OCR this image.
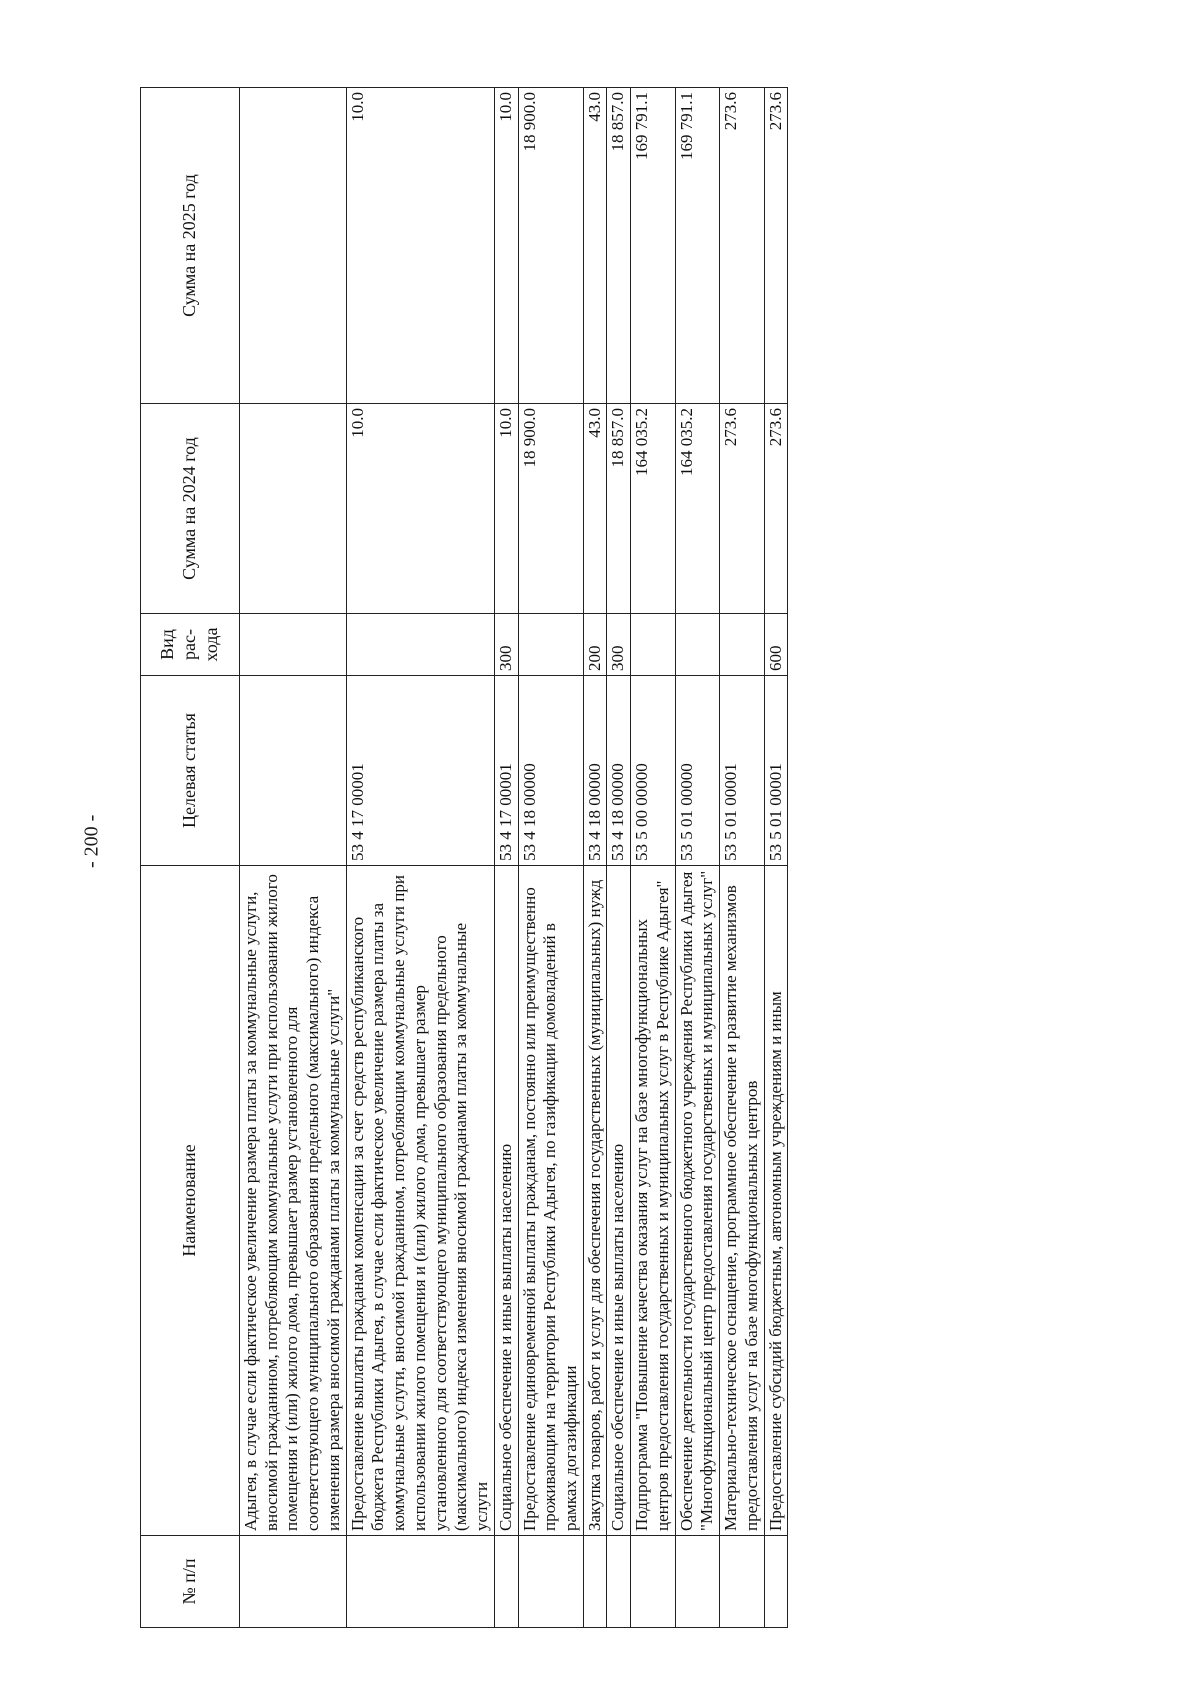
- 200 -
№ п/п	Наименование	Целевая статья	Вид рас-хода	Сумма на 2024 год	Сумма на 2025 год
	Адыгея, в случае если фактическое увеличение размера платы за коммунальные услуги, вносимой гражданином, потребляющим коммунальные услуги при использовании жилого помещения и (или) жилого дома, превышает размер установленного для соответствующего муниципального образования предельного (максимального) индекса изменения размера вносимой гражданами платы за коммунальные услуги"				
	Предоставление выплаты гражданам компенсации за счет средств республиканского бюджета Республики Адыгея, в случае если фактическое увеличение размера платы за коммунальные услуги, вносимой гражданином, потребляющим коммунальные услуги при использовании жилого помещения и (или) жилого дома, превышает размер установленного для соответствующего муниципального образования предельного (максимального) индекса изменения вносимой гражданами платы за коммунальные услуги	53 4 17 00001		10.0	10.0
	Социальное обеспечение и иные выплаты населению	53 4 17 00001	300	10.0	10.0
	Предоставление единовременной выплаты гражданам, постоянно или преимущественно проживающим на территории Республики Адыгея, по газификации домовладений в рамках догазификации	53 4 18 00000		18 900.0	18 900.0
	Закупка товаров, работ и услуг для обеспечения государственных (муниципальных) нужд	53 4 18 00000	200	43.0	43.0
	Социальное обеспечение и иные выплаты населению	53 4 18 00000	300	18 857.0	18 857.0
	Подпрограмма "Повышение качества оказания услуг на базе многофункциональных центров предоставления государственных и муниципальных услуг в Республике Адыгея"	53 5 00 00000		164 035.2	169 791.1
	Обеспечение деятельности государственного бюджетного учреждения Республики Адыгея "Многофункциональный центр предоставления государственных и муниципальных услуг"	53 5 01 00000		164 035.2	169 791.1
	Материально-техническое оснащение, программное обеспечение и развитие механизмов предоставления услуг на базе многофункциональных центров	53 5 01 00001		273.6	273.6
	Предоставление субсидий бюджетным, автономным учреждениям и иным	53 5 01 00001	600	273.6	273.6
